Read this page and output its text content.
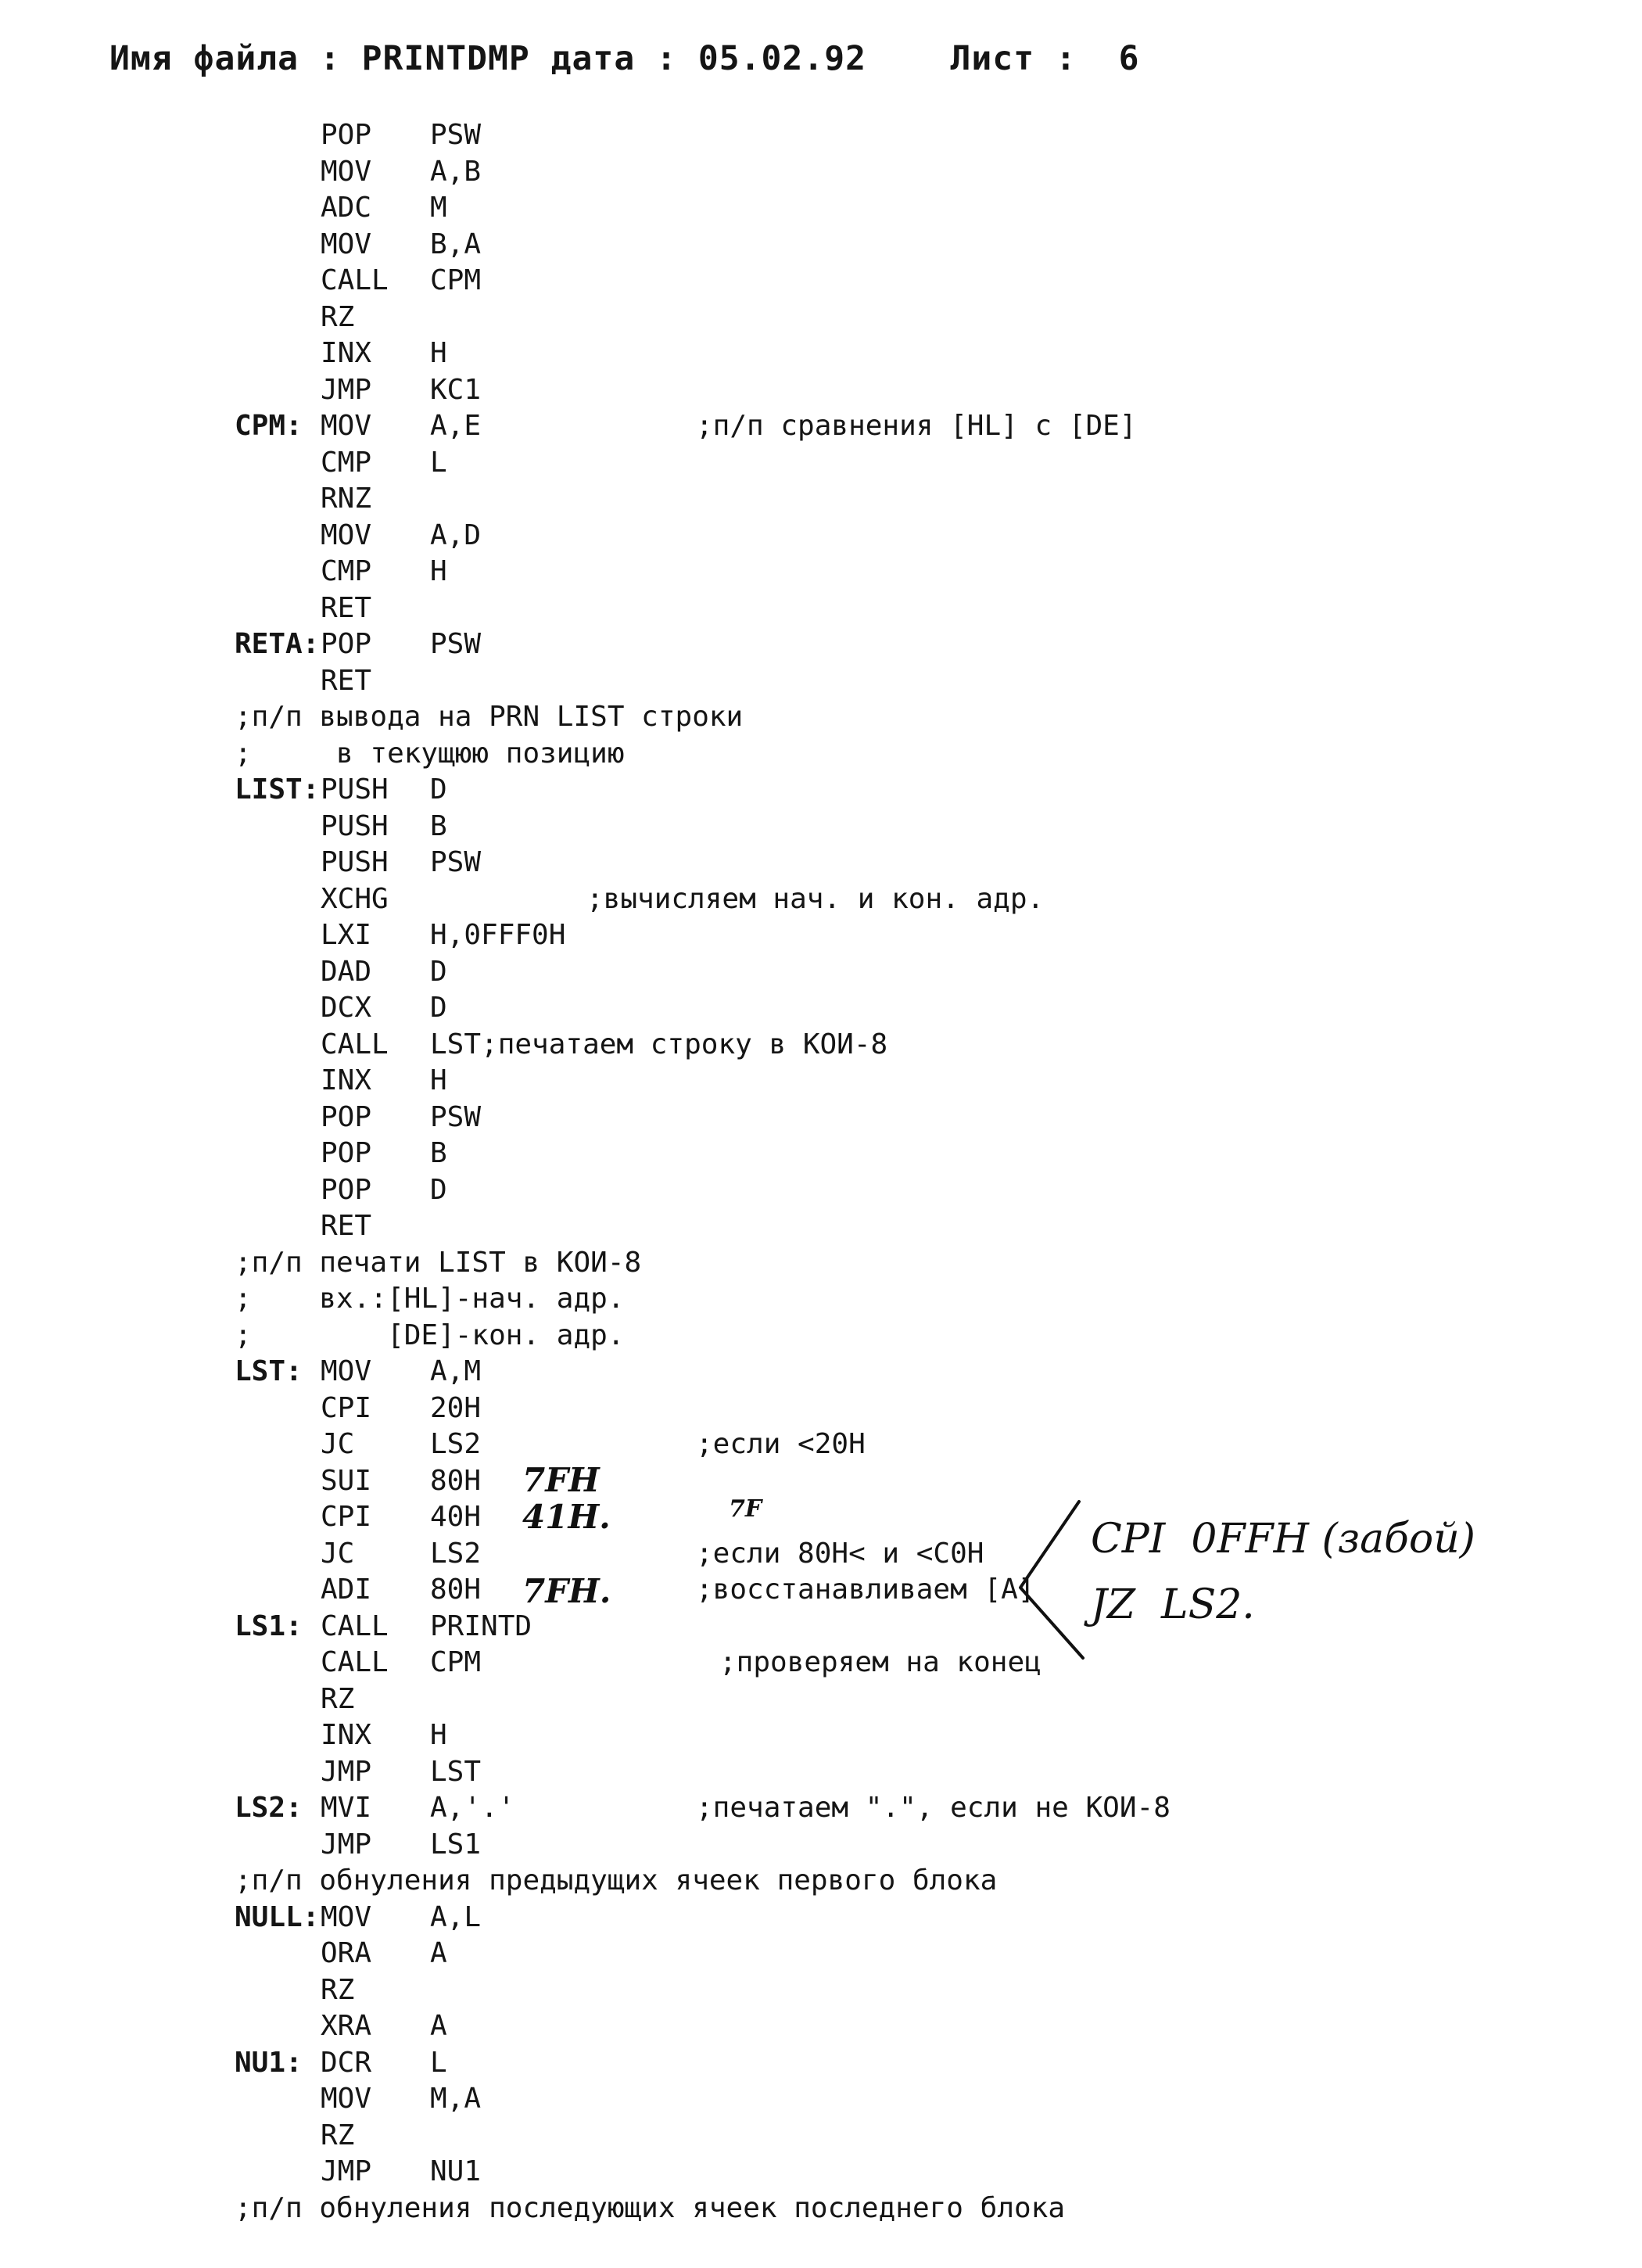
Имя файла : PRINTDMP дата : 05.02.92    Лист :  6
POP PSW
MOV A,B
ADC M
MOV B,A
CALL CPM
RZ
INX H
JMP KC1
CPM: MOV A,E	;п/п сравнения [HL] с [DE]
CMP L
RNZ
MOV A,D
CMP H
RET
RETA: POP PSW
RET
;п/п вывода на PRN LIST строки
;     в текущюю позицию
LIST: PUSH D
PUSH B
PUSH PSW
XCHG	;вычисляем нач. и кон. адр.
LXI H,0FFF0H
DAD D
DCX D
CALL LST;печатаем строку в КОИ-8
INX H
POP PSW
POP B
POP D
RET
;п/п печати LIST в КОИ-8
;    вх.:[HL]-нач. адр.
;        [DE]-кон. адр.
LST: MOV A,M
CPI 20H
JC	LS2	;если <20H
SUI 80H
CPI 40H
JC	LS2	;если 80H< и <C0H
ADI 80H	;восстанавливаем [A]
LS1: CALL PRINTD
CALL CPM	;проверяем на конец
RZ
INX H
JMP LST
LS2: MVI A,'.'	;печатаем ".", если не КОИ-8
JMP LS1
;п/п обнуления предыдущих ячеек первого блока
NULL: MOV A,L
ORA A
RZ
XRA A
NU1: DCR L
MOV M,A
RZ
JMP NU1
;п/п обнуления последующих ячеек последнего блока
7FH
41H.	7F
7FH.
CPI  0FFH (забой)
JZ  LS2.
